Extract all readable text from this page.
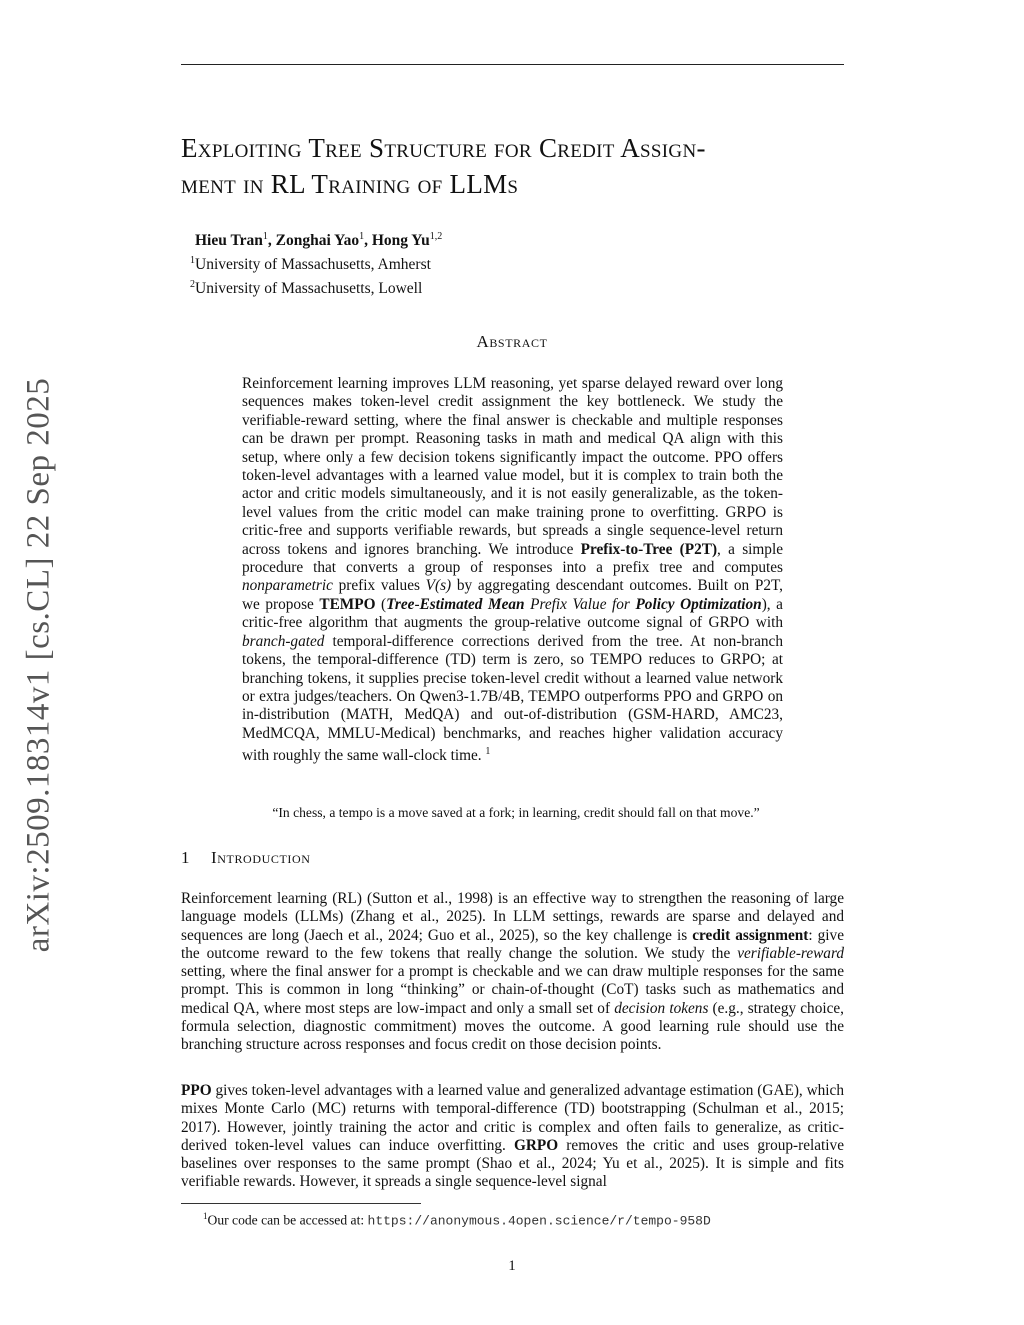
arXiv:2509.18314v1 [cs.CL] 22 Sep 2025
Exploiting Tree Structure for Credit Assign-
ment in RL Training of LLMs
Hieu Tran$^1$, Zonghai Yao$^1$, Hong Yu$^{1,2}$
$^1$University of Massachusetts, Amherst
$^2$University of Massachusetts, Lowell
Abstract
Reinforcement learning improves LLM reasoning, yet sparse delayed reward over long sequences makes token-level credit assignment the key bottleneck. We study the verifiable-reward setting, where the final answer is checkable and multiple responses can be drawn per prompt. Reasoning tasks in math and medical QA align with this setup, where only a few decision tokens significantly impact the outcome. PPO offers token-level advantages with a learned value model, but it is complex to train both the actor and critic models simultaneously, and it is not easily generalizable, as the token-level values from the critic model can make training prone to overfitting. GRPO is critic-free and supports verifiable rewards, but spreads a single sequence-level return across tokens and ignores branching. We introduce Prefix-to-Tree (P2T), a simple procedure that converts a group of responses into a prefix tree and computes nonparametric prefix values V(s) by aggregating descendant outcomes. Built on P2T, we propose TEMPO (Tree-Estimated Mean Prefix Value for Policy Optimization), a critic-free algorithm that augments the group-relative outcome signal of GRPO with branch-gated temporal-difference corrections derived from the tree. At non-branch tokens, the temporal-difference (TD) term is zero, so TEMPO reduces to GRPO; at branching tokens, it supplies precise token-level credit without a learned value network or extra judges/teachers. On Qwen3-1.7B/4B, TEMPO outperforms PPO and GRPO on in-distribution (MATH, MedQA) and out-of-distribution (GSM-HARD, AMC23, MedMCQA, MMLU-Medical) benchmarks, and reaches higher validation accuracy with roughly the same wall-clock time. $^1$
“In chess, a tempo is a move saved at a fork; in learning, credit should fall on that move.”
1 Introduction
Reinforcement learning (RL) (Sutton et al., 1998) is an effective way to strengthen the reasoning of large language models (LLMs) (Zhang et al., 2025). In LLM settings, rewards are sparse and delayed and sequences are long (Jaech et al., 2024; Guo et al., 2025), so the key challenge is credit assignment: give the outcome reward to the few tokens that really change the solution. We study the verifiable-reward setting, where the final answer for a prompt is checkable and we can draw multiple responses for the same prompt. This is common in long “thinking” or chain-of-thought (CoT) tasks such as mathematics and medical QA, where most steps are low-impact and only a small set of decision tokens (e.g., strategy choice, formula selection, diagnostic commitment) moves the outcome. A good learning rule should use the branching structure across responses and focus credit on those decision points.
PPO gives token-level advantages with a learned value and generalized advantage estimation (GAE), which mixes Monte Carlo (MC) returns with temporal-difference (TD) bootstrapping (Schulman et al., 2015; 2017). However, jointly training the actor and critic is complex and often fails to generalize, as critic-derived token-level values can induce overfitting. GRPO removes the critic and uses group-relative baselines over responses to the same prompt (Shao et al., 2024; Yu et al., 2025). It is simple and fits verifiable rewards. However, it spreads a single sequence-level signal
$^1$Our code can be accessed at: https://anonymous.4open.science/r/tempo-958D
1
